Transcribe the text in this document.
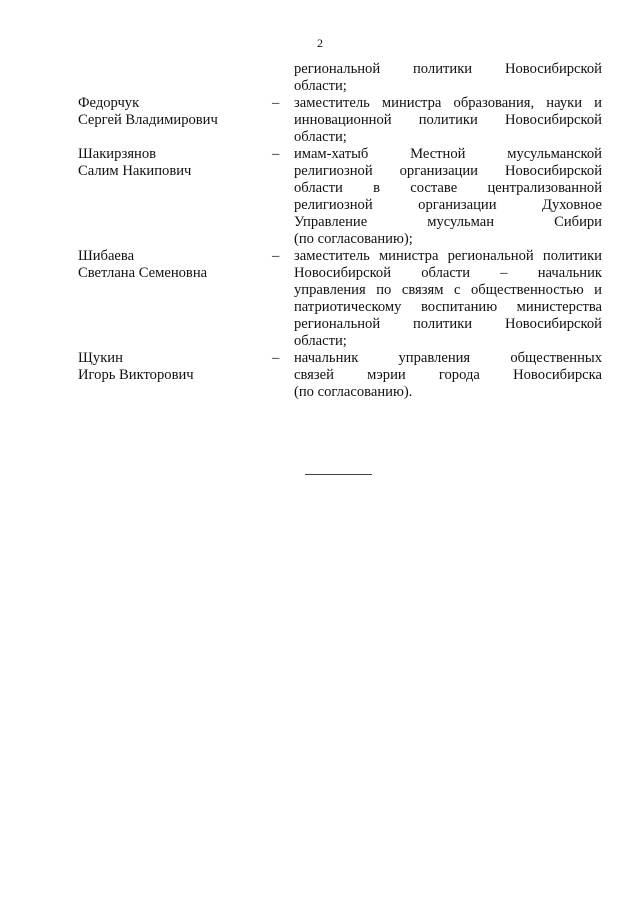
2
региональной политики Новосибирской
области;
Федорчук
Сергей Владимирович
–	заместитель министра образования, науки и
инновационной политики Новосибирской
области;
Шакирзянов
Салим Накипович
–	имам-хатыб Местной мусульманской
религиозной организации Новосибирской
области в составе централизованной
религиозной организации Духовное
Управление мусульман Сибири
(по согласованию);
Шибаева
Светлана Семеновна
–	заместитель министра региональной политики
Новосибирской области – начальник
управления по связям с общественностью и
патриотическому воспитанию министерства
региональной политики Новосибирской
области;
Щукин
Игорь Викторович
–	начальник управления общественных
связей мэрии города Новосибирска
(по согласованию).
